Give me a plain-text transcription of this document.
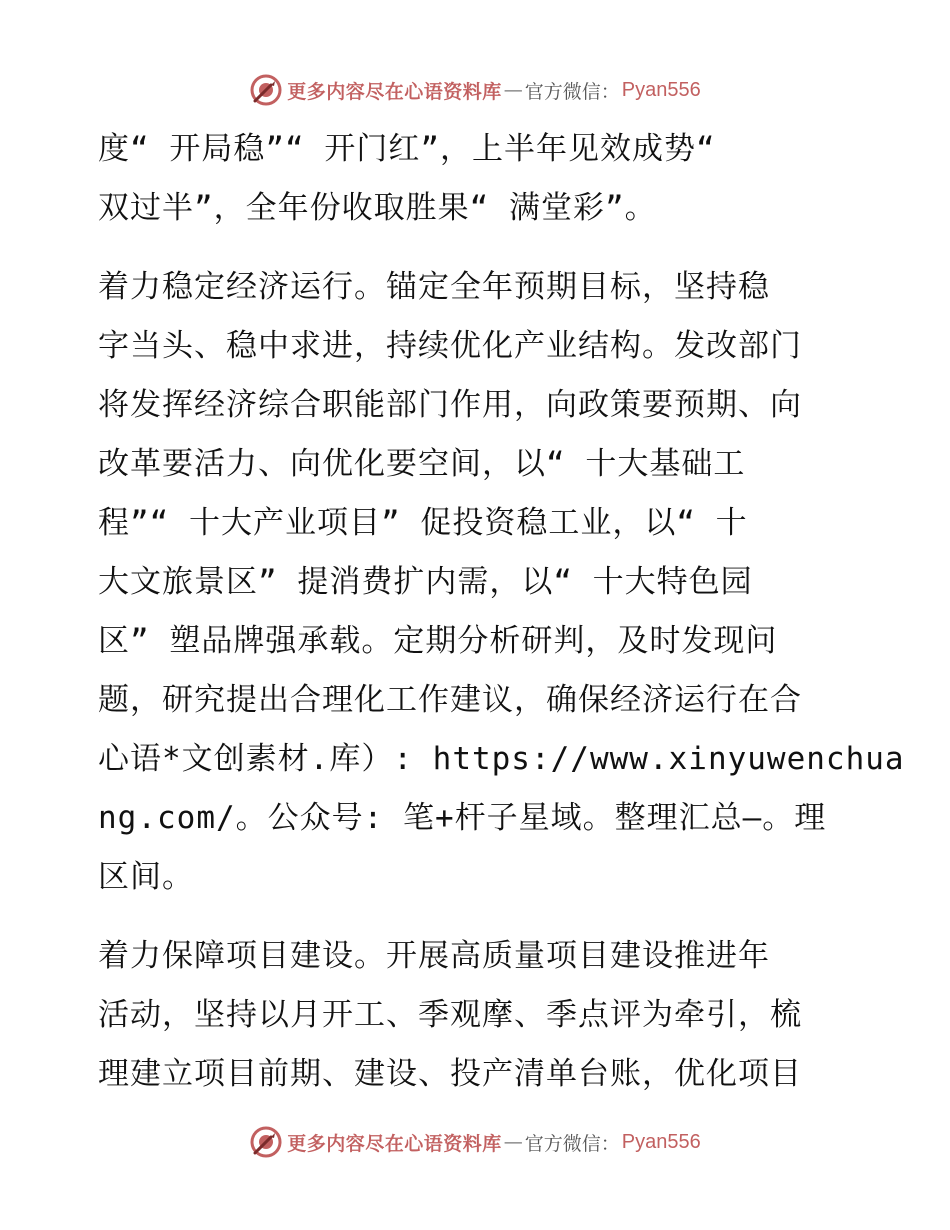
更多内容尽在心语资料库 — 官方微信： Pyan556

度“ 开局稳”“ 开门红”，上半年见效成势“
双过半”，全年份收取胜果“ 满堂彩”。

着力稳定经济运行。锚定全年预期目标，坚持稳
字当头、稳中求进，持续优化产业结构。发改部门
将发挥经济综合职能部门作用，向政策要预期、向
改革要活力、向优化要空间，以“ 十大基础工
程”“ 十大产业项目” 促投资稳工业，以“ 十
大文旅景区” 提消费扩内需，以“ 十大特色园
区” 塑品牌强承载。定期分析研判，及时发现问
题，研究提出合理化工作建议，确保经济运行在合
心语*文创素材.库）: https://www.xinyuwenchua
ng.com/。公众号: 笔+杆子星域。整理汇总—。理
区间。

着力保障项目建设。开展高质量项目建设推进年
活动，坚持以月开工、季观摩、季点评为牵引，梳
理建立项目前期、建设、投产清单台账，优化项目

更多内容尽在心语资料库 — 官方微信： Pyan556
